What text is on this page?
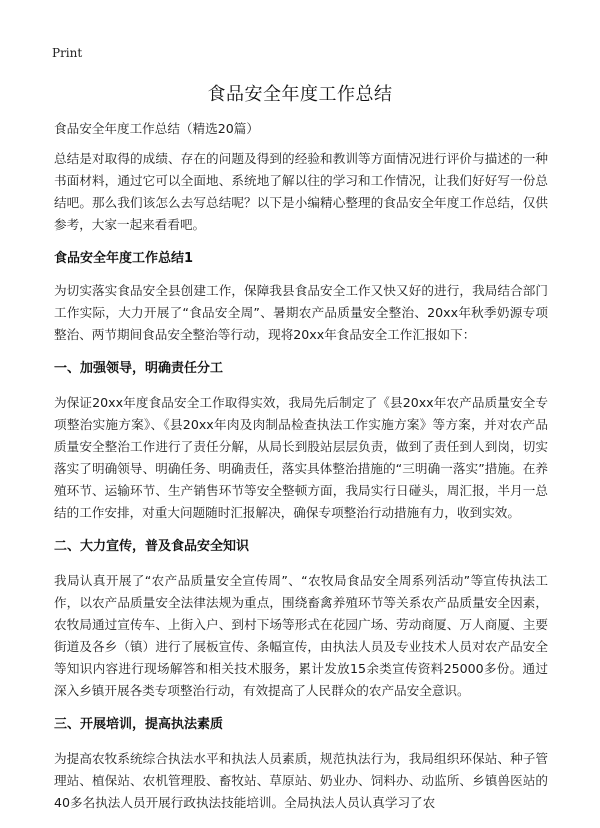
Print
食品安全年度工作总结

食品安全年度工作总结（精选20篇）

总结是对取得的成绩、存在的问题及得到的经验和教训等方面情况进行评价与描述的一种书面材料，通过它可以全面地、系统地了解以往的学习和工作情况，让我们好好写一份总结吧。那么我们该怎么去写总结呢？以下是小编精心整理的食品安全年度工作总结，仅供参考，大家一起来看看吧。

食品安全年度工作总结1

为切实落实食品安全县创建工作，保障我县食品安全工作又快又好的进行，我局结合部门工作实际，大力开展了“食品安全周”、暑期农产品质量安全整治、20xx年秋季奶源专项整治、两节期间食品安全整治等行动，现将20xx年食品安全工作汇报如下：

一、加强领导，明确责任分工

为保证20xx年度食品安全工作取得实效，我局先后制定了《县20xx年农产品质量安全专项整治实施方案》、《县20xx年肉及肉制品检查执法工作实施方案》等方案，并对农产品质量安全整治工作进行了责任分解，从局长到股站层层负责，做到了责任到人到岗，切实落实了明确领导、明确任务、明确责任，落实具体整治措施的“三明确一落实”措施。在养殖环节、运输环节、生产销售环节等安全整顿方面，我局实行日碰头，周汇报，半月一总结的工作安排，对重大问题随时汇报解决，确保专项整治行动措施有力，收到实效。

二、大力宣传，普及食品安全知识

我局认真开展了“农产品质量安全宣传周”、“农牧局食品安全周系列活动”等宣传执法工作，以农产品质量安全法律法规为重点，围绕畜禽养殖环节等关系农产品质量安全因素，农牧局通过宣传车、上街入户、到村下场等形式在花园广场、劳动商厦、万人商厦、主要街道及各乡（镇）进行了展板宣传、条幅宣传，由执法人员及专业技术人员对农产品安全等知识内容进行现场解答和相关技术服务，累计发放15余类宣传资料25000多份。通过深入乡镇开展各类专项整治行动，有效提高了人民群众的农产品安全意识。

三、开展培训，提高执法素质

为提高农牧系统综合执法水平和执法人员素质，规范执法行为，我局组织环保站、种子管理站、植保站、农机管理股、畜牧站、草原站、奶业办、饲料办、动监所、乡镇兽医站的40多名执法人员开展行政执法技能培训。全局执法人员认真学习了农
